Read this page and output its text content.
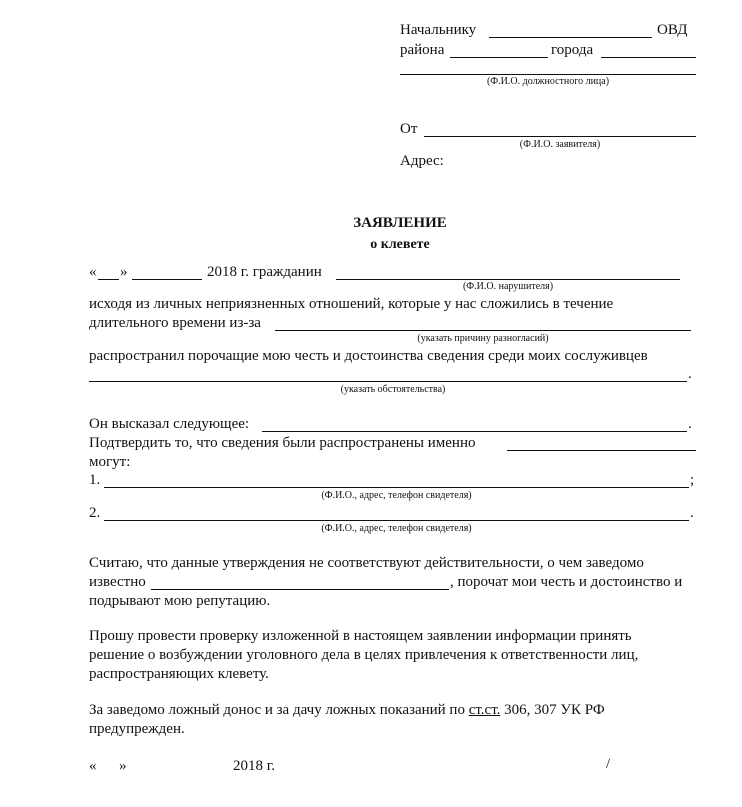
Начальнику	ОВД
района	города
(Ф.И.О. должностного лица)
От
(Ф.И.О. заявителя)
Адрес:
ЗАЯВЛЕНИЕ
о клевете
« »	2018 г. гражданин
(Ф.И.О. нарушителя)
исходя из личных неприязненных отношений, которые у нас сложились в течение
длительного времени из-за
(указать причину разногласий)
распространил порочащие мою честь и достоинства сведения среди моих сослуживцев
.
(указать обстоятельства)
Он высказал следующее:	.
Подтвердить то, что сведения были распространены именно
могут:
1.	;
(Ф.И.О., адрес, телефон свидетеля)
2.	.
(Ф.И.О., адрес, телефон свидетеля)
Считаю, что данные утверждения не соответствуют действительности, о чем заведомо
известно	, порочат мои честь и достоинство и
подрывают мою репутацию.
Прошу провести проверку изложенной в настоящем заявлении информации принять
решение о возбуждении уголовного дела в целях привлечения к ответственности лиц,
распространяющих клевету.
За заведомо ложный донос и за дачу ложных показаний по ст.ст. 306, 307 УК РФ
предупрежден.
« »	2018 г.	/
